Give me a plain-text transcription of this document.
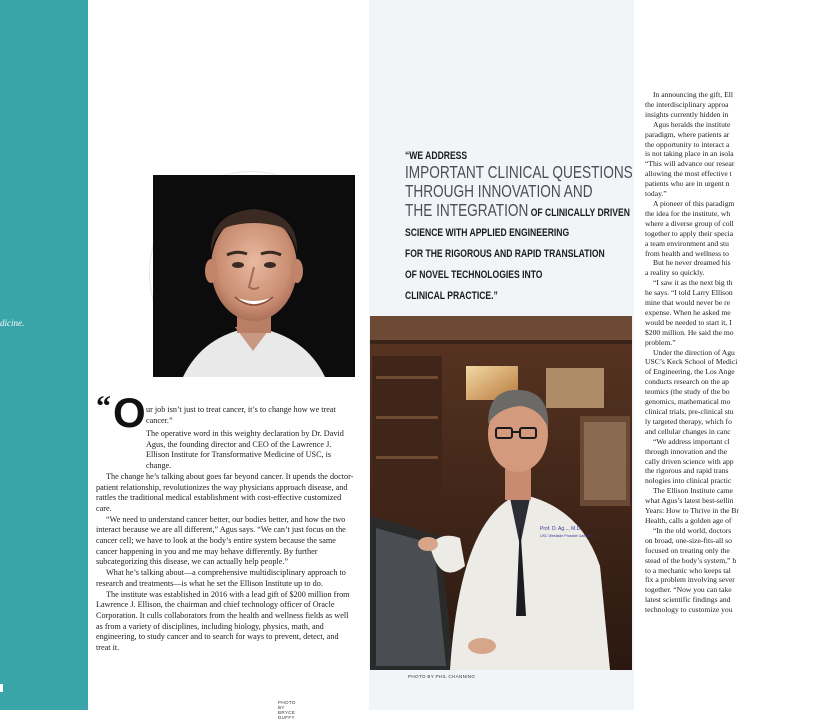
dicine.
“ O ur job isn’t just to treat cancer, it’s to change how we treat cancer.”

The operative word in this weighty declaration by Dr. David Agus, the founding director and CEO of the Lawrence J. Ellison Institute for Transformative Medicine of USC, is change.

The change he’s talking about goes far beyond cancer. It upends the doctor-patient relationship, revolutionizes the way physicians approach disease, and rattles the traditional medical establishment with cost-effective customized care.

“We need to understand cancer better, our bodies better, and how the two interact because we are all different,” Agus says. “We can’t just focus on the cancer cell; we have to look at the body’s entire system because the same cancer happening in you and me may behave differently. By further subcategorizing this disease, we can actually help people.”

What he’s talking about—a comprehensive multidisciplinary approach to research and treatments—is what he set the Ellison Institute up to do.

The institute was established in 2016 with a lead gift of $200 million from Lawrence J. Ellison, the chairman and chief technology officer of Oracle Corporation. It culls collaborators from the health and wellness fields as well as from a variety of disciplines, including biology, physics, math, and engineering, to study cancer and to search for ways to prevent, detect, and treat it.

PHOTO BY BRYCE DUFFY
“WE ADDRESS
IMPORTANT CLINICAL QUESTIONS
THROUGH INNOVATION AND
THE INTEGRATION OF CLINICALLY DRIVEN
SCIENCE WITH APPLIED ENGINEERING
FOR THE RIGOROUS AND RAPID TRANSLATION
OF NOVEL TECHNOLOGIES INTO
CLINICAL PRACTICE.”
Prof. D. Ag..., M.D.
USC Westside Prostate Cancer C...
PHOTO BY PHIL CHANNING

In announcing the gift, Ell
the interdisciplinary approa
insights currently hidden in

Agus heralds the institute
paradigm, where patients ar
the opportunity to interact a
is not taking place in an isola
“This will advance our resear
allowing the most effective t
patients who are in urgent n
today.”

A pioneer of this paradigm
the idea for the institute, wh
where a diverse group of coll
together to apply their specia
a team environment and stu
from health and wellness to

But he never dreamed his
a reality so quickly.

“I saw it as the next big th
he says. “I told Larry Ellison
mine that would never be re
expense. When he asked me
would be needed to start it, I
$200 million. He said the mo
problem.”

Under the direction of Agu
USC’s Keck School of Medici
of Engineering, the Los Ange
conducts research on the ap
teomics (the study of the bo
genomics, mathematical mo
clinical trials, pre-clinical stu
ly targeted therapy, which fo
and cellular changes in canc

“We address important cl
through innovation and the
cally driven science with app
the rigorous and rapid trans
nologies into clinical practic

The Ellison Institute came
what Agus’s latest best-sellin
Years: How to Thrive in the Br
Health, calls a golden age of

“In the old world, doctors
on broad, one-size-fits-all so
focused on treating only the
stead of the body’s system,” h
to a mechanic who keeps tal
fix a problem involving sever
together. “Now you can take
latest scientific findings and
technology to customize you
